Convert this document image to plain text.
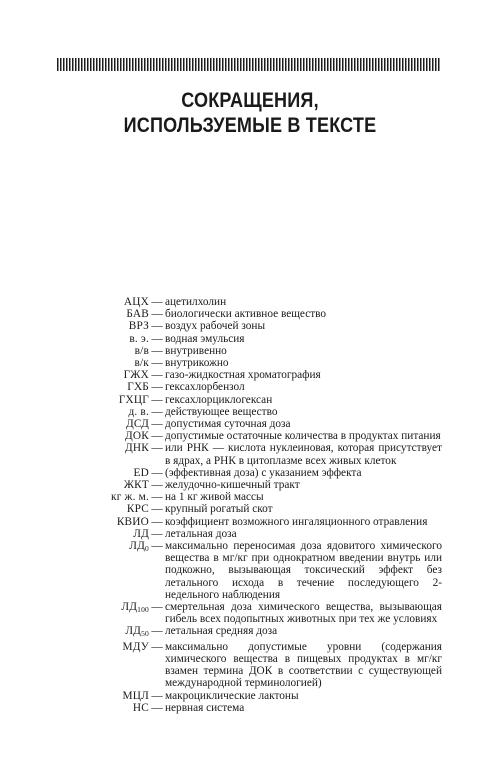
СОКРАЩЕНИЯ,
ИСПОЛЬЗУЕМЫЕ В ТЕКСТЕ
АЦХ — ацетилхолин
БАВ — биологически активное вещество
ВРЗ — воздух рабочей зоны
в. э. — водная эмульсия
в/в — внутривенно
в/к — внутрикожно
ГЖХ — газо-жидкостная хроматография
ГХБ — гексахлорбензол
ГХЦГ — гексахлорциклогексан
д. в. — действующее вещество
ДСД — допустимая суточная доза
ДОК — допустимые остаточные количества в продуктах питания
ДНК — или РНК — кислота нуклеиновая, которая присутствует в ядрах, а РНК в цитоплазме всех живых клеток
ED — (эффективная доза) с указанием эффекта
ЖКТ — желудочно-кишечный тракт
кг ж. м. — на 1 кг живой массы
КРС — крупный рогатый скот
КВИО — коэффициент возможного ингаляционного отравления
ЛД — летальная доза
$ЛД_0$ — максимально переносимая доза ядовитого химического вещества в мг/кг при однократном введении внутрь или подкожно, вызывающая токсический эффект без летального исхода в течение последующего 2-недельного наблюдения
$ЛД_{100}$ — смертельная доза химического вещества, вызывающая гибель всех подопытных животных при тех же условиях
$ЛД_{50}$ — летальная средняя доза
МДУ — максимально допустимые уровни (содержания химического вещества в пищевых продуктах в мг/кг взамен термина ДОК в соответствии с существующей международной терминологией)
МЦЛ — макроциклические лактоны
НС — нервная система
